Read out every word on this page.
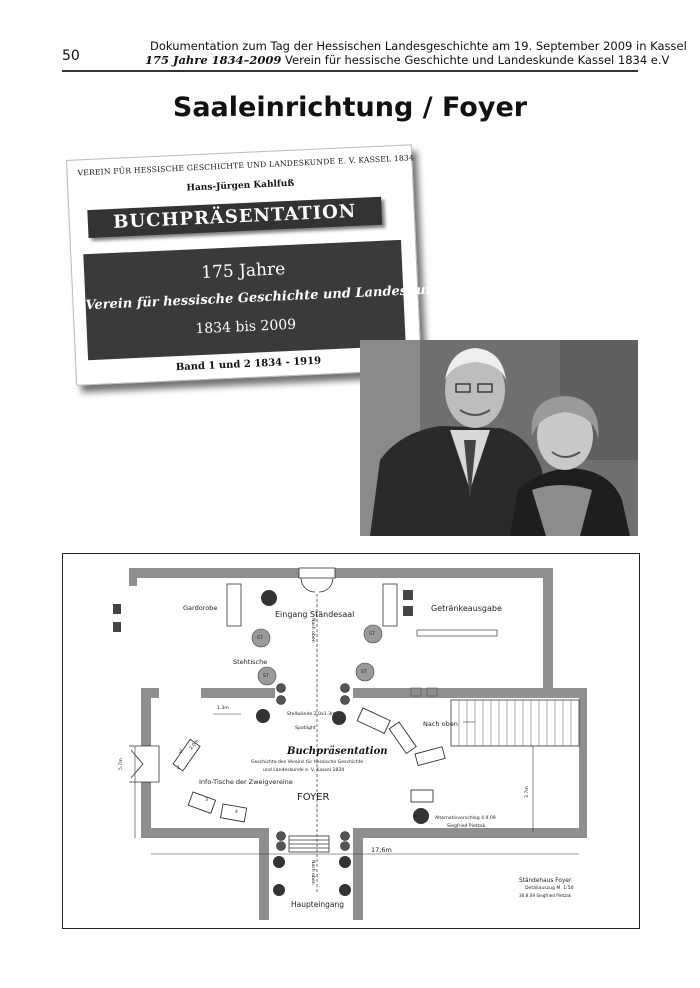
50
Dokumentation zum Tag der Hessischen Landesgeschichte am 19. September 2009 in Kassel
175 Jahre 1834–2009 Verein für hessische Geschichte und Landeskunde Kassel 1834 e.V
Saaleinrichtung / Foyer
VEREIN FÜR HESSISCHE GESCHICHTE UND LANDESKUNDE E. V. KASSEL 1834
Hans-Jürgen Kahlfuß
BUCHPRÄSENTATION
175 Jahre
Verein für hessische Geschichte und Landeskunde
1834 bis 2009
Band 1 und 2 1834 - 1919
Gardorobe
Eingang Ständesaal
Getränkeausgabe
Stehtische
ST
ST
ST
ST
Nach oben
Stellwände 2,0x1.3m
Spotlight
1.3m
2.0m
Nach oben
Buchpräsentation
Geschichte des Vereins für hessische Geschichte
und Landeskunde e. V. Kassel 1834
Info-Tische der Zweigvereine
FOYER
5.7m
3.7m
17,6m
Alternativvorschlag 4.9.09
Siegfried Pietzak
1
2
3
4
Nach oben
Haupteingang
Ständehaus Foyer
Detailauszug M. 1:50
30.8.09 Siegfried Pietzak
